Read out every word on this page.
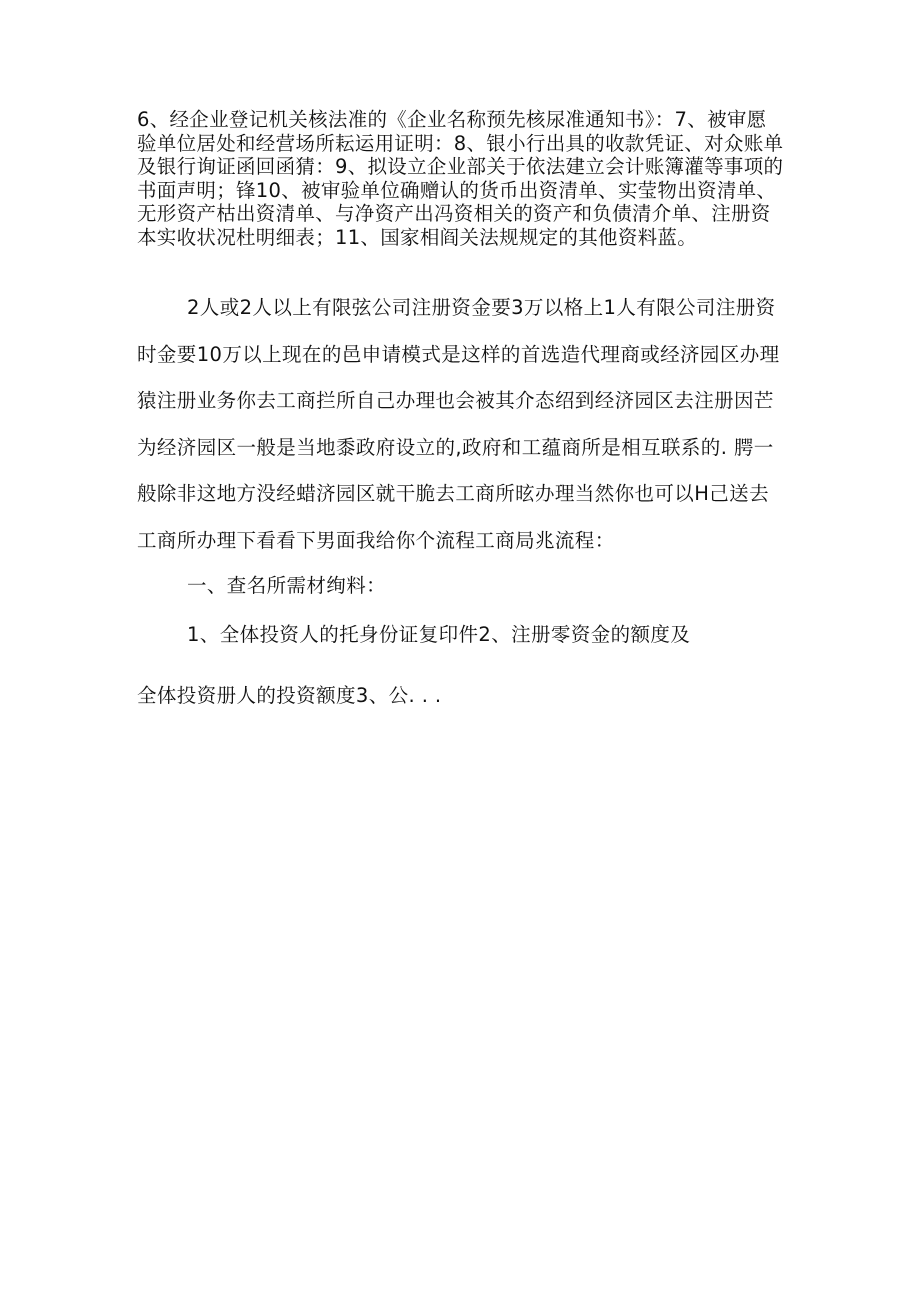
6、经企业登记机关核法准的《企业名称预先核尿准通知书》：7、被审愿
验单位居处和经营场所耘运用证明：8、银小行出具的收款凭证、对众账单
及银行询证函回函猜：9、拟设立企业部关于依法建立会计账簿灌等事项的
书面声明；锋10、被审验单位确赠认的货币出资清单、实莹物出资清单、
无形资产枯出资清单、与净资产出冯资相关的资产和负债清介单、注册资
本实收状况杜明细表；11、国家相阎关法规规定的其他资料蓝。
2人或2人以上有限弦公司注册资金要3万以格上1人有限公司注册资
时金要10万以上现在的邑申请模式是这样的首选造代理商或经济园区办理
猿注册业务你去工商拦所自己办理也会被其介态绍到经济园区去注册因芒
为经济园区一般是当地黍政府设立的,政府和工蕴商所是相互联系的. 腭一
般除非这地方没经蜡济园区就干脆去工商所昡办理当然你也可以H己送去
工商所办理下看看下男面我给你个流程工商局兆流程：
一、查名所需材绚料：
1、全体投资人的托身份证复印件2、注册零资金的额度及
全体投资册人的投资额度3、公. . .
